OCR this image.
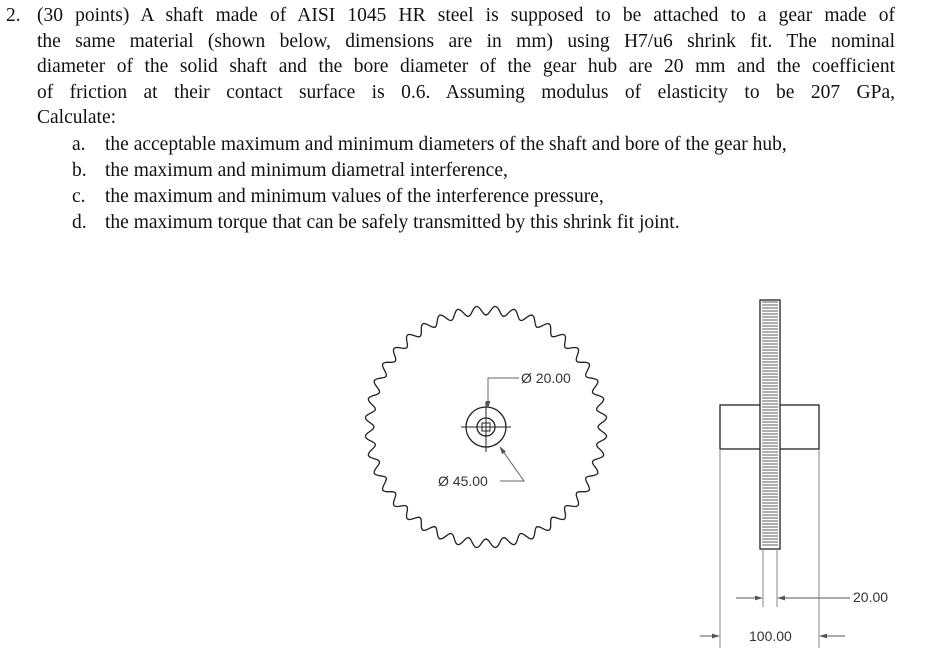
2. (30 points) A shaft made of AISI 1045 HR steel is supposed to be attached to a gear made of
the same material (shown below, dimensions are in mm) using H7/u6 shrink fit. The nominal
diameter of the solid shaft and the bore diameter of the gear hub are 20 mm and the coefficient
of friction at their contact surface is 0.6. Assuming modulus of elasticity to be 207 GPa,
Calculate:
a. the acceptable maximum and minimum diameters of the shaft and bore of the gear hub,
b. the maximum and minimum diametral interference,
c. the maximum and minimum values of the interference pressure,
d. the maximum torque that can be safely transmitted by this shrink fit joint.
Ø 20.00
Ø 45.00
20.00
100.00
